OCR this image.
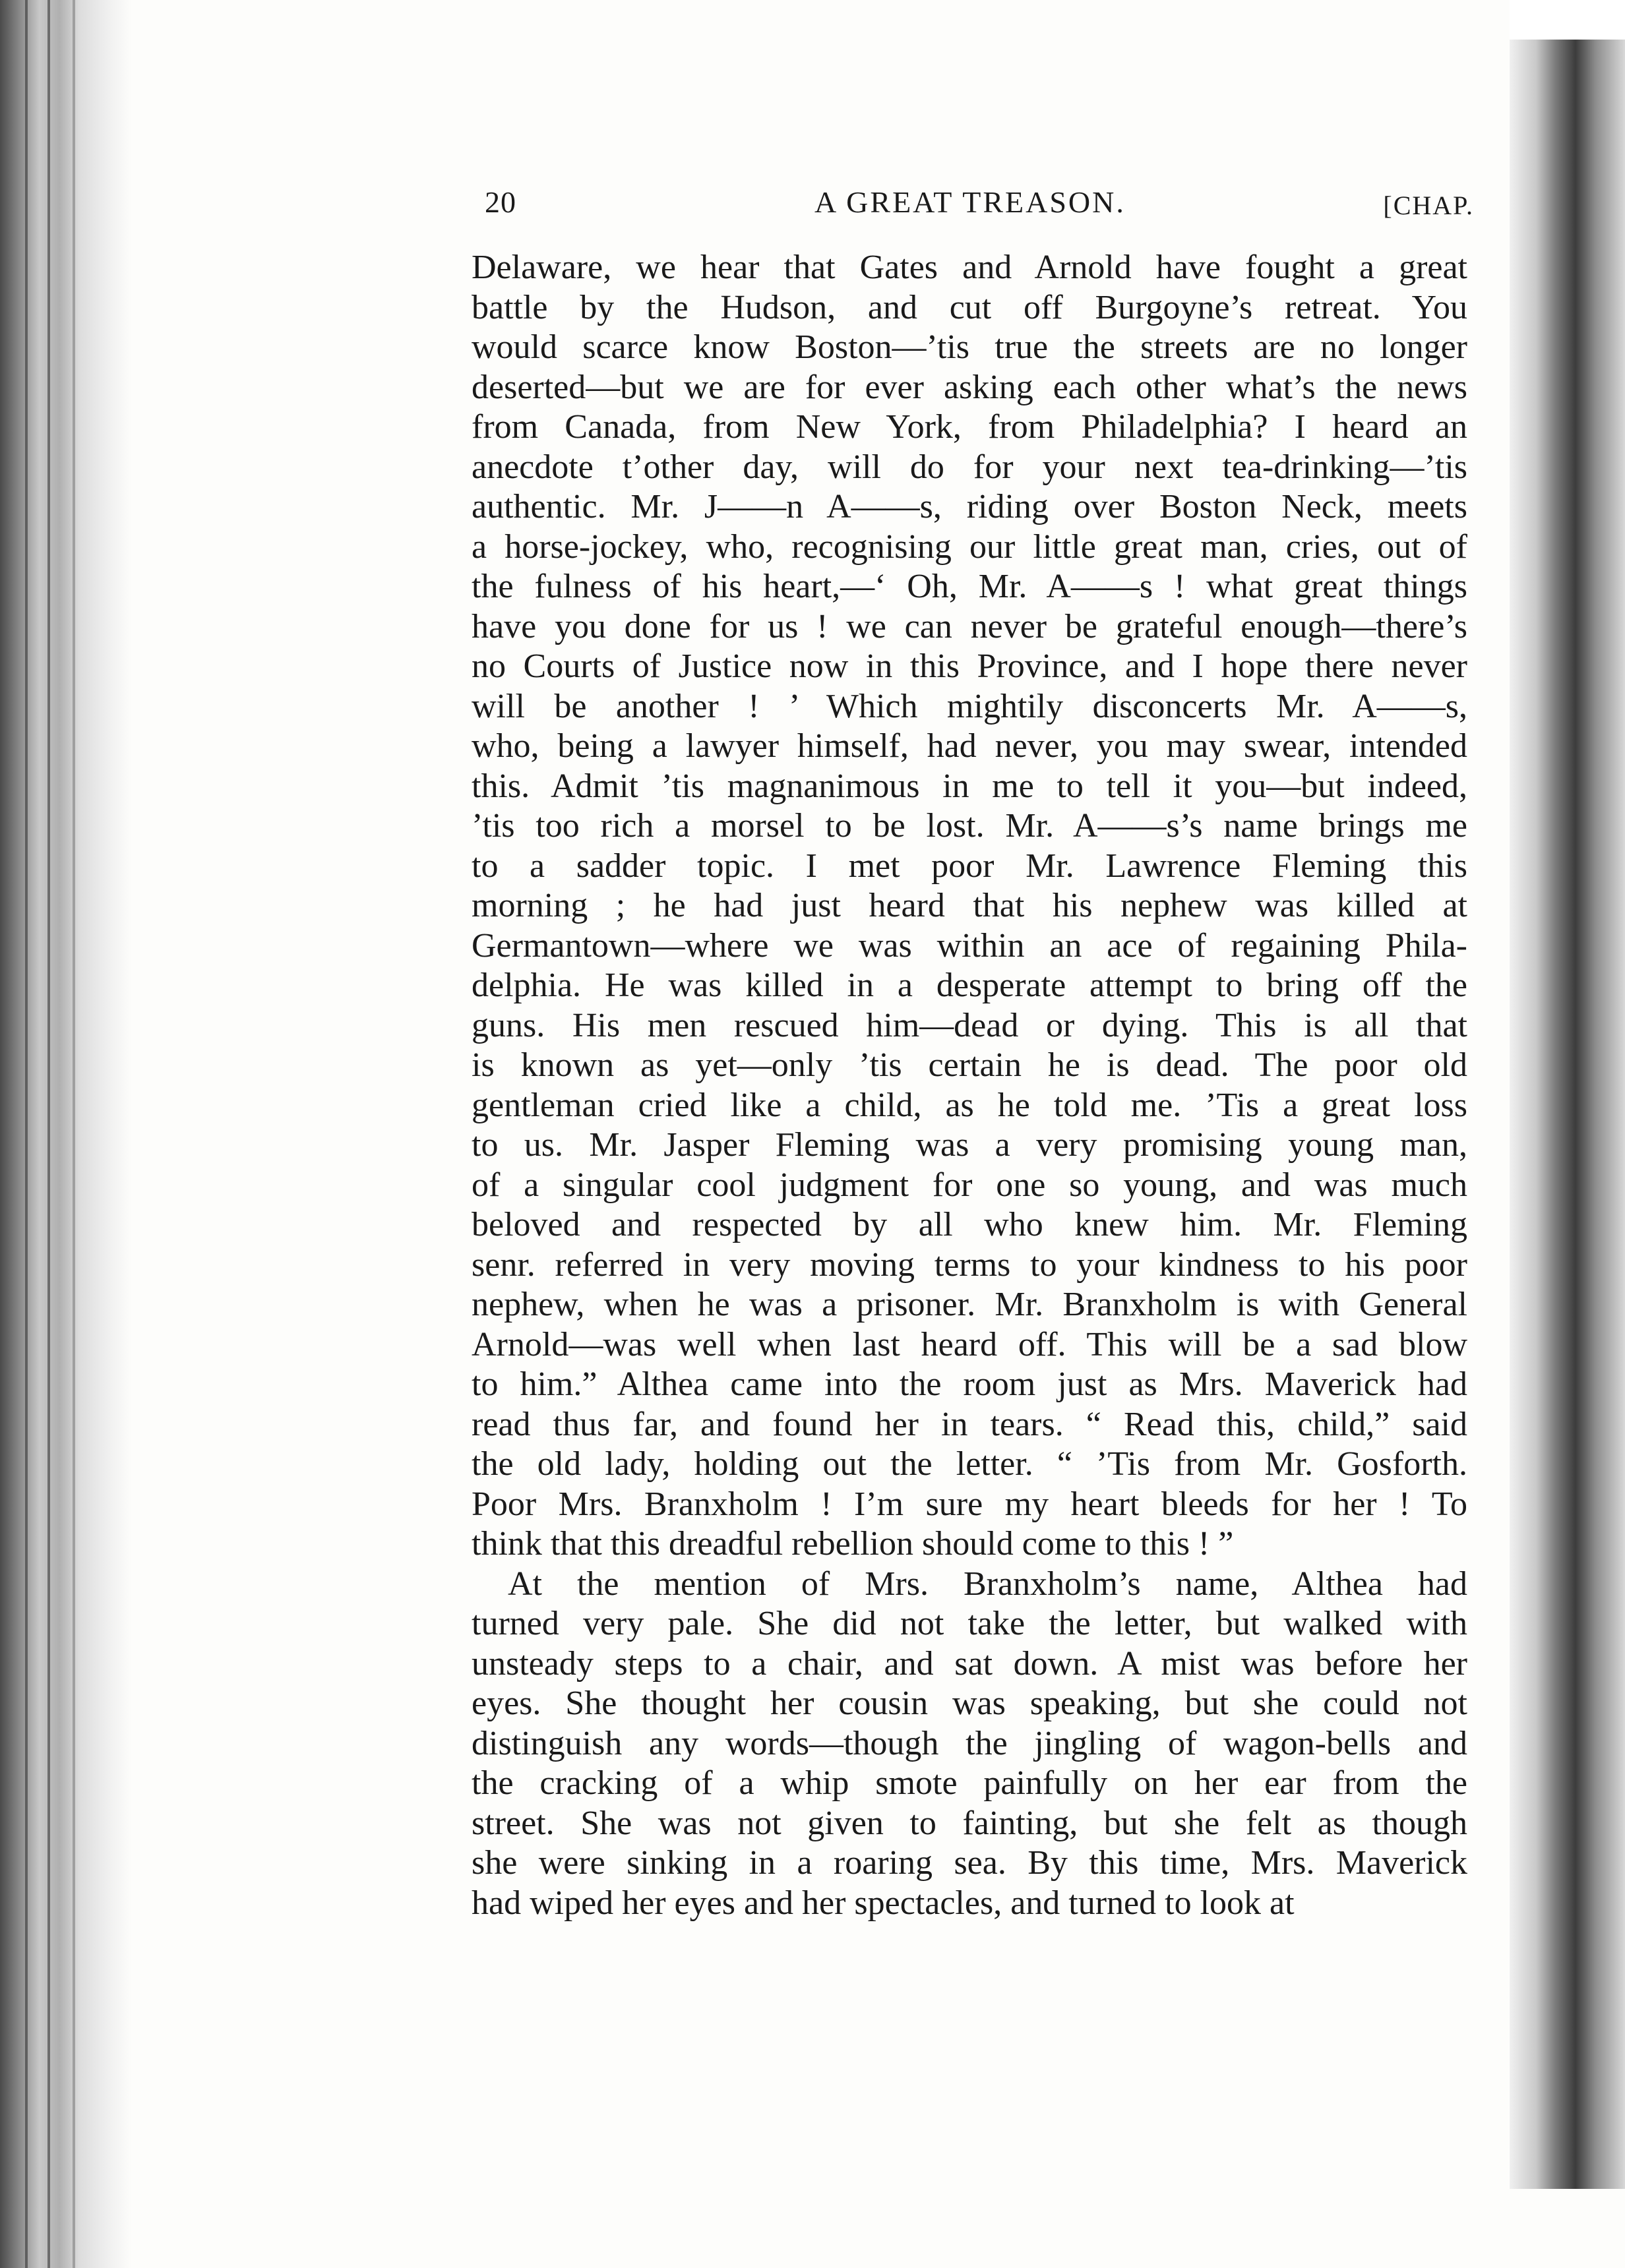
20	A GREAT TREASON.	[CHAP.
Delaware, we hear that Gates and Arnold have fought a great
battle by the Hudson, and cut off Burgoyne’s retreat. You
would scarce know Boston—’tis true the streets are no longer
deserted—but we are for ever asking each other what’s the news
from Canada, from New York, from Philadelphia? I heard an
anecdote t’other day, will do for your next tea-drinking—’tis
authentic. Mr. J——n A——s, riding over Boston Neck, meets
a horse-jockey, who, recognising our little great man, cries, out of
the fulness of his heart,—‘ Oh, Mr. A——s ! what great things
have you done for us ! we can never be grateful enough—there’s
no Courts of Justice now in this Province, and I hope there never
will be another ! ’ Which mightily disconcerts Mr. A——s,
who, being a lawyer himself, had never, you may swear, intended
this. Admit ’tis magnanimous in me to tell it you—but indeed,
’tis too rich a morsel to be lost. Mr. A——s’s name brings me
to a sadder topic. I met poor Mr. Lawrence Fleming this
morning ; he had just heard that his nephew was killed at
Germantown—where we was within an ace of regaining Phila-
delphia. He was killed in a desperate attempt to bring off the
guns. His men rescued him—dead or dying. This is all that
is known as yet—only ’tis certain he is dead. The poor old
gentleman cried like a child, as he told me. ’Tis a great loss
to us. Mr. Jasper Fleming was a very promising young man,
of a singular cool judgment for one so young, and was much
beloved and respected by all who knew him. Mr. Fleming
senr. referred in very moving terms to your kindness to his poor
nephew, when he was a prisoner. Mr. Branxholm is with General
Arnold—was well when last heard off. This will be a sad blow
to him.” Althea came into the room just as Mrs. Maverick had
read thus far, and found her in tears. “ Read this, child,” said
the old lady, holding out the letter. “ ’Tis from Mr. Gosforth.
Poor Mrs. Branxholm ! I’m sure my heart bleeds for her ! To
think that this dreadful rebellion should come to this ! ”
At the mention of Mrs. Branxholm’s name, Althea had
turned very pale. She did not take the letter, but walked with
unsteady steps to a chair, and sat down. A mist was before her
eyes. She thought her cousin was speaking, but she could not
distinguish any words—though the jingling of wagon-bells and
the cracking of a whip smote painfully on her ear from the
street. She was not given to fainting, but she felt as though
she were sinking in a roaring sea. By this time, Mrs. Maverick
had wiped her eyes and her spectacles, and turned to look at
